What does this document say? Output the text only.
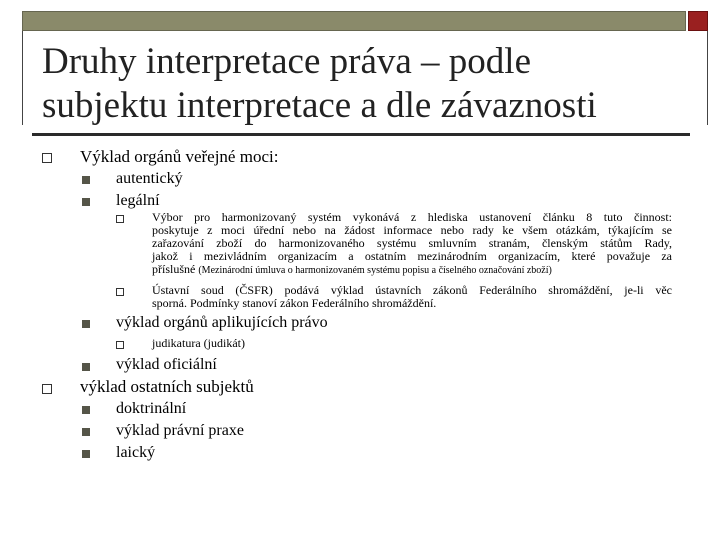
Druhy interpretace práva – podle
subjektu interpretace a dle závaznosti
Výklad orgánů veřejné moci:
autentický
legální
Výbor pro harmonizovaný systém vykonává z hlediska ustanovení článku 8 tuto činnost:
poskytuje z moci úřední nebo na žádost informace nebo rady ke všem otázkám, týkajícím se
zařazování zboží do harmonizovaného systému smluvním stranám, členským státům Rady,
jakož i mezivládním organizacím a ostatním mezinárodním organizacím, které považuje za
příslušné (Mezinárodní úmluva o harmonizovaném systému popisu a číselného označování zboží)
Ústavní soud (ČSFR) podává výklad ústavních zákonů Federálního shromáždění, je-li věc
sporná. Podmínky stanoví zákon Federálního shromáždění.
výklad orgánů aplikujících právo
judikatura (judikát)
výklad oficiální
výklad ostatních subjektů
doktrinální
výklad právní praxe
laický
